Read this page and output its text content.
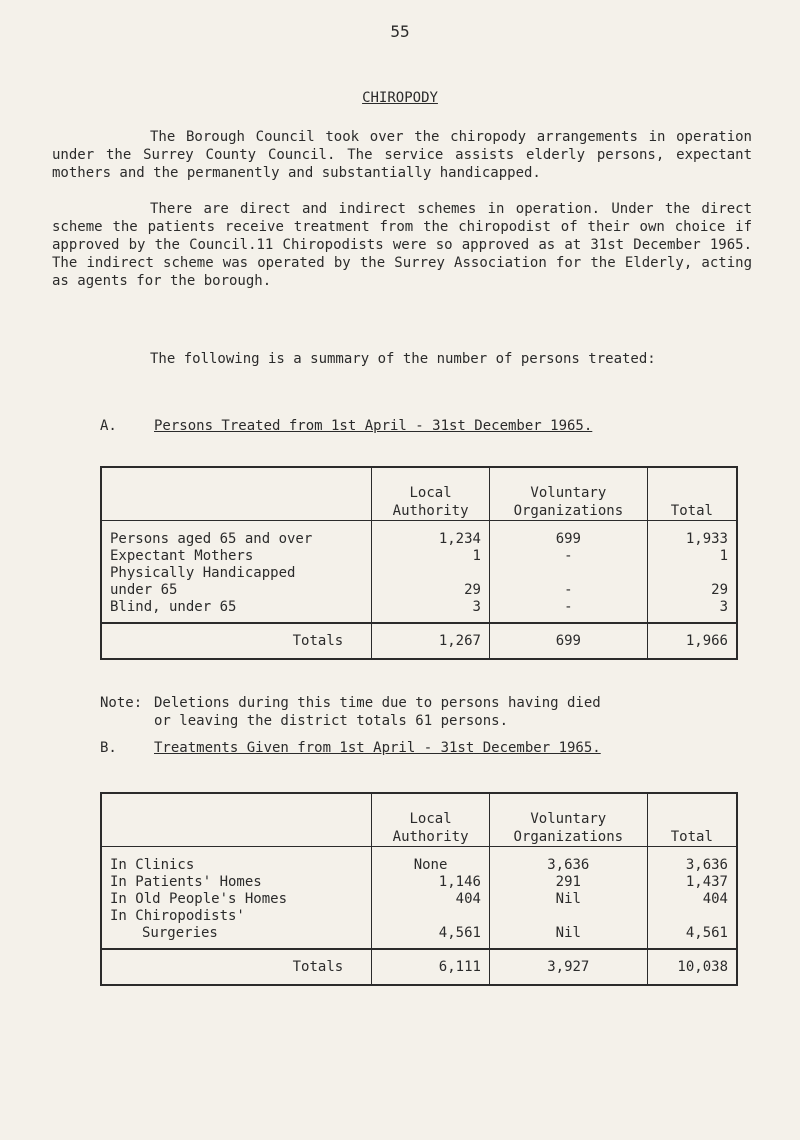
55
CHIROPODY
The Borough Council took over the chiropody arrangements in operation under the Surrey County Council. The service assists elderly persons, expectant mothers and the permanently and substantially handicapped.
There are direct and indirect schemes in operation. Under the direct scheme the patients receive treatment from the chiropodist of their own choice if approved by the Council.11 Chiropodists were so approved as at 31st December 1965. The indirect scheme was operated by the Surrey Association for the Elderly, acting as agents for the borough.
The following is a summary of the number of persons treated:
A.	Persons Treated from 1st April - 31st December 1965.
	Local Authority	Voluntary Organizations	Total
Persons aged 65 and over	1,234	699	1,933
Expectant Mothers	1	-	1
Physically Handicapped			
under 65	29	-	29
Blind, under 65	3	-	3
Totals	1,267	699	1,966
Note: Deletions during this time due to persons having died
or leaving the district totals 61 persons.
B.	Treatments Given from 1st April - 31st December 1965.
	Local Authority	Voluntary Organizations	Total
In Clinics	None	3,636	3,636
In Patients' Homes	1,146	291	1,437
In Old People's Homes	404	Nil	404
In Chiropodists'			
Surgeries	4,561	Nil	4,561
Totals	6,111	3,927	10,038
